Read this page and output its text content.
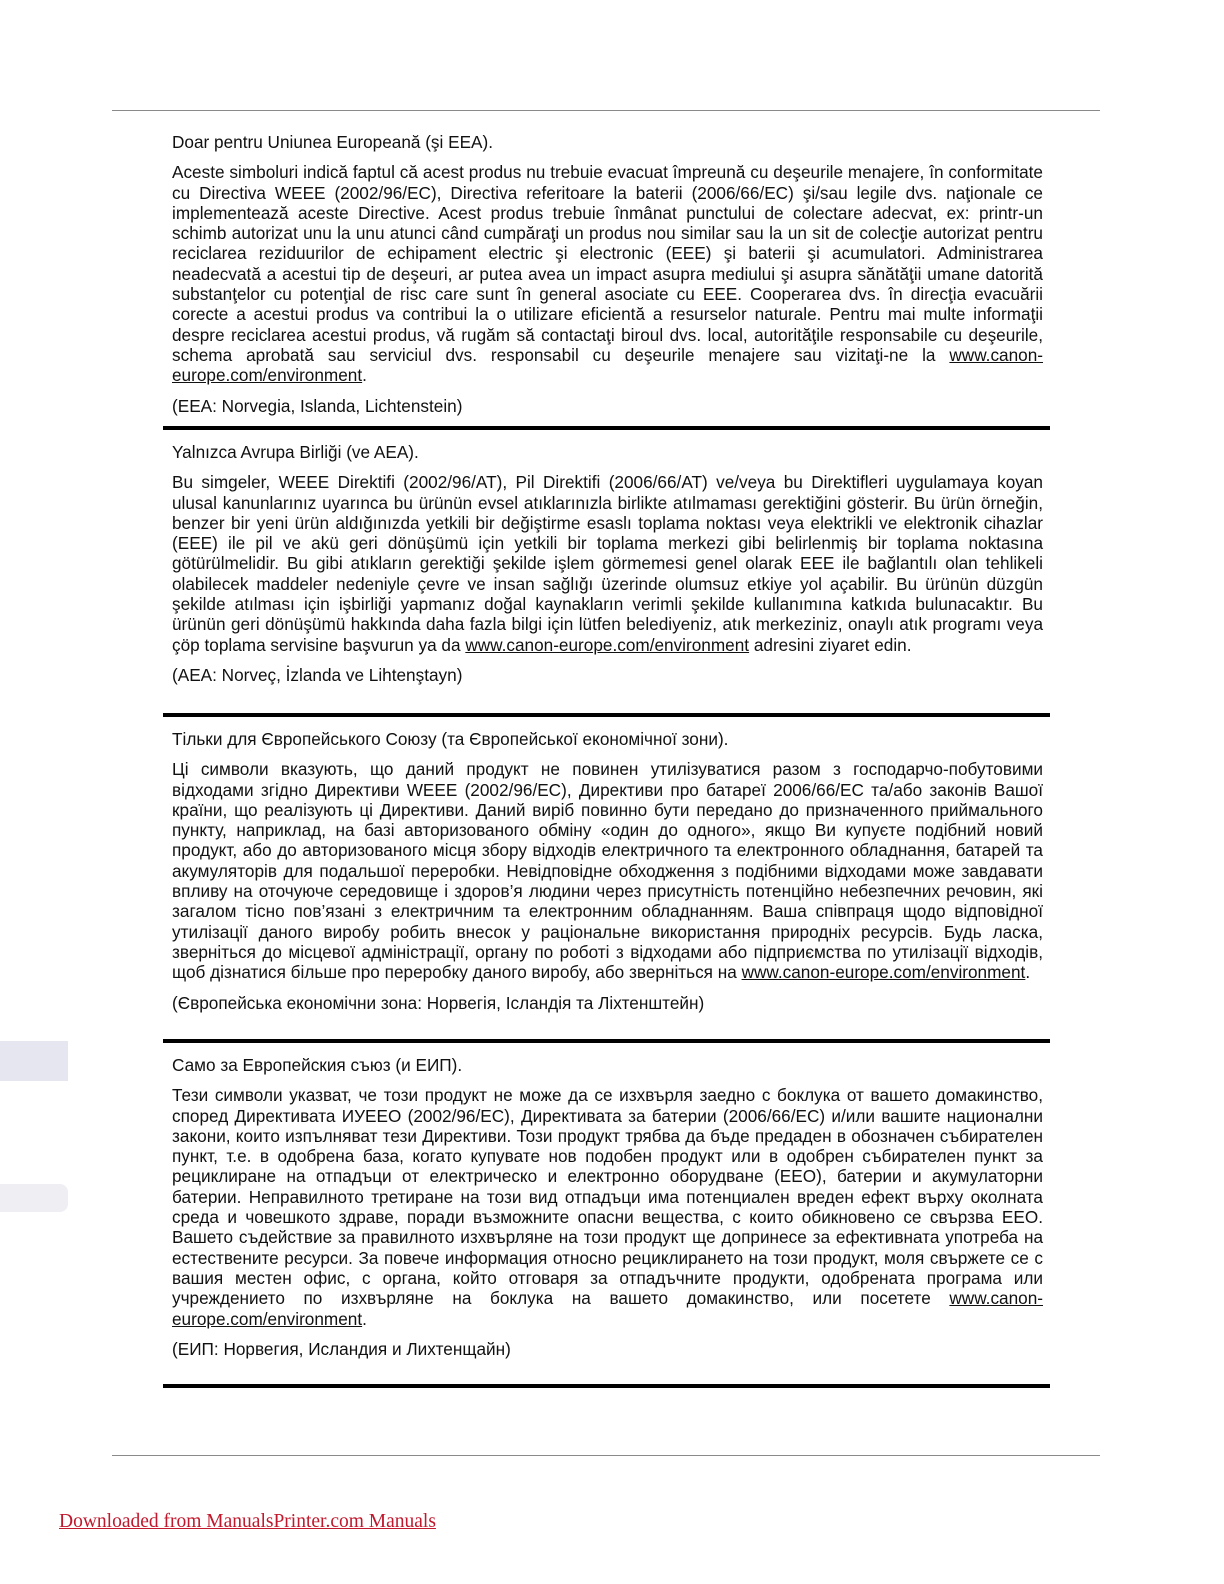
Doar pentru Uniunea Europeană (şi EEA).

Aceste simboluri indică faptul că acest produs nu trebuie evacuat împreună cu deşeurile menajere, în conformitate cu Directiva WEEE (2002/96/EC), Directiva referitoare la baterii (2006/66/EC) şi/sau legile dvs. naţionale ce implementează aceste Directive. Acest produs trebuie înmânat punctului de colectare adecvat, ex: printr-un schimb autorizat unu la unu atunci când cumpăraţi un produs nou similar sau la un sit de colecţie autorizat pentru reciclarea reziduurilor de echipament electric şi electronic (EEE) şi baterii şi acumulatori. Administrarea neadecvată a acestui tip de deşeuri, ar putea avea un impact asupra mediului şi asupra sănătăţii umane datorită substanţelor cu potenţial de risc care sunt în general asociate cu EEE. Cooperarea dvs. în direcţia evacuării corecte a acestui produs va contribui la o utilizare eficientă a resurselor naturale. Pentru mai multe informaţii despre reciclarea acestui produs, vă rugăm să contactaţi biroul dvs. local, autorităţile responsabile cu deşeurile, schema aprobată sau serviciul dvs. responsabil cu deşeurile menajere sau vizitaţi-ne la www.canon-europe.com/environment.

(EEA: Norvegia, Islanda, Lichtenstein)

Yalnızca Avrupa Birliği (ve AEA).

Bu simgeler, WEEE Direktifi (2002/96/AT), Pil Direktifi (2006/66/AT) ve/veya bu Direktifleri uygulamaya koyan ulusal kanunlarınız uyarınca bu ürünün evsel atıklarınızla birlikte atılmaması gerektiğini gösterir. Bu ürün örneğin, benzer bir yeni ürün aldığınızda yetkili bir değiştirme esaslı toplama noktası veya elektrikli ve elektronik cihazlar (EEE) ile pil ve akü geri dönüşümü için yetkili bir toplama merkezi gibi belirlenmiş bir toplama noktasına götürülmelidir. Bu gibi atıkların gerektiği şekilde işlem görmemesi genel olarak EEE ile bağlantılı olan tehlikeli olabilecek maddeler nedeniyle çevre ve insan sağlığı üzerinde olumsuz etkiye yol açabilir. Bu ürünün düzgün şekilde atılması için işbirliği yapmanız doğal kaynakların verimli şekilde kullanımına katkıda bulunacaktır. Bu ürünün geri dönüşümü hakkında daha fazla bilgi için lütfen belediyeniz, atık merkeziniz, onaylı atık programı veya çöp toplama servisine başvurun ya da www.canon-europe.com/environment adresini ziyaret edin.

(AEA: Norveç, İzlanda ve Lihtenştayn)

Тільки для Європейського Союзу (та Європейської економічної зони).

Ці символи вказують, що даний продукт не повинен утилізуватися разом з господарчо-побутовими відходами згідно Директиви WEEE (2002/96/EC), Директиви про батареї 2006/66/EC та/або законів Вашої країни, що реалізують ці Директиви. Даний виріб повинно бути передано до призначенного приймального пункту, наприклад, на базі авторизованого обміну «один до одного», якщо Ви купуєте подібний новий продукт, або до авторизованого місця збору відходів електричного та електронного обладнання, батарей та акумуляторів для подальшої переробки. Невідповідне обходження з подібними відходами може завдавати впливу на оточуюче середовище і здоров’я людини через присутність потенційно небезпечних речовин, які загалом тісно пов’язані з електричним та електронним обладнанням. Ваша співпраця щодо відповідної утилізації даного виробу робить внесок у раціональне використання природніх ресурсів. Будь ласка, зверніться до місцевої адміністрації, органу по роботі з відходами або підприємства по утилізації відходів, щоб дізнатися більше про переробку даного виробу, або зверніться на www.canon-europe.com/environment.

(Європейська економічни зона: Норвегія, Ісландія та Ліхтенштейн)

Само за Европейския съюз (и ЕИП).

Тези символи указват, че този продукт не може да се изхвърля заедно с боклука от вашето домакинство, според Директивата ИУЕЕО (2002/96/EC), Директивата за батерии (2006/66/EC) и/или вашите национални закони, които изпълняват тези Директиви. Този продукт трябва да бъде предаден в обозначен събирателен пункт, т.е. в одобрена база, когато купувате нов подобен продукт или в одобрен събирателен пункт за рециклиране на отпадъци от електрическо и електронно оборудване (ЕЕО), батерии и акумулаторни батерии. Неправилното третиране на този вид отпадъци има потенциален вреден ефект върху околната среда и човешкото здраве, поради възможните опасни вещества, с които обикновено се свързва ЕЕО. Вашето съдействие за правилното изхвърляне на този продукт ще допринесе за ефективната употреба на естествените ресурси. За повече информация относно рециклирането на този продукт, моля свържете се с вашия местен офис, с органа, който отговаря за отпадъчните продукти, одобрената програма или учреждението по изхвърляне на боклука на вашето домакинство, или посетете www.canon-europe.com/environment.

(ЕИП: Норвегия, Исландия и Лихтенщайн)

Downloaded from ManualsPrinter.com Manuals
